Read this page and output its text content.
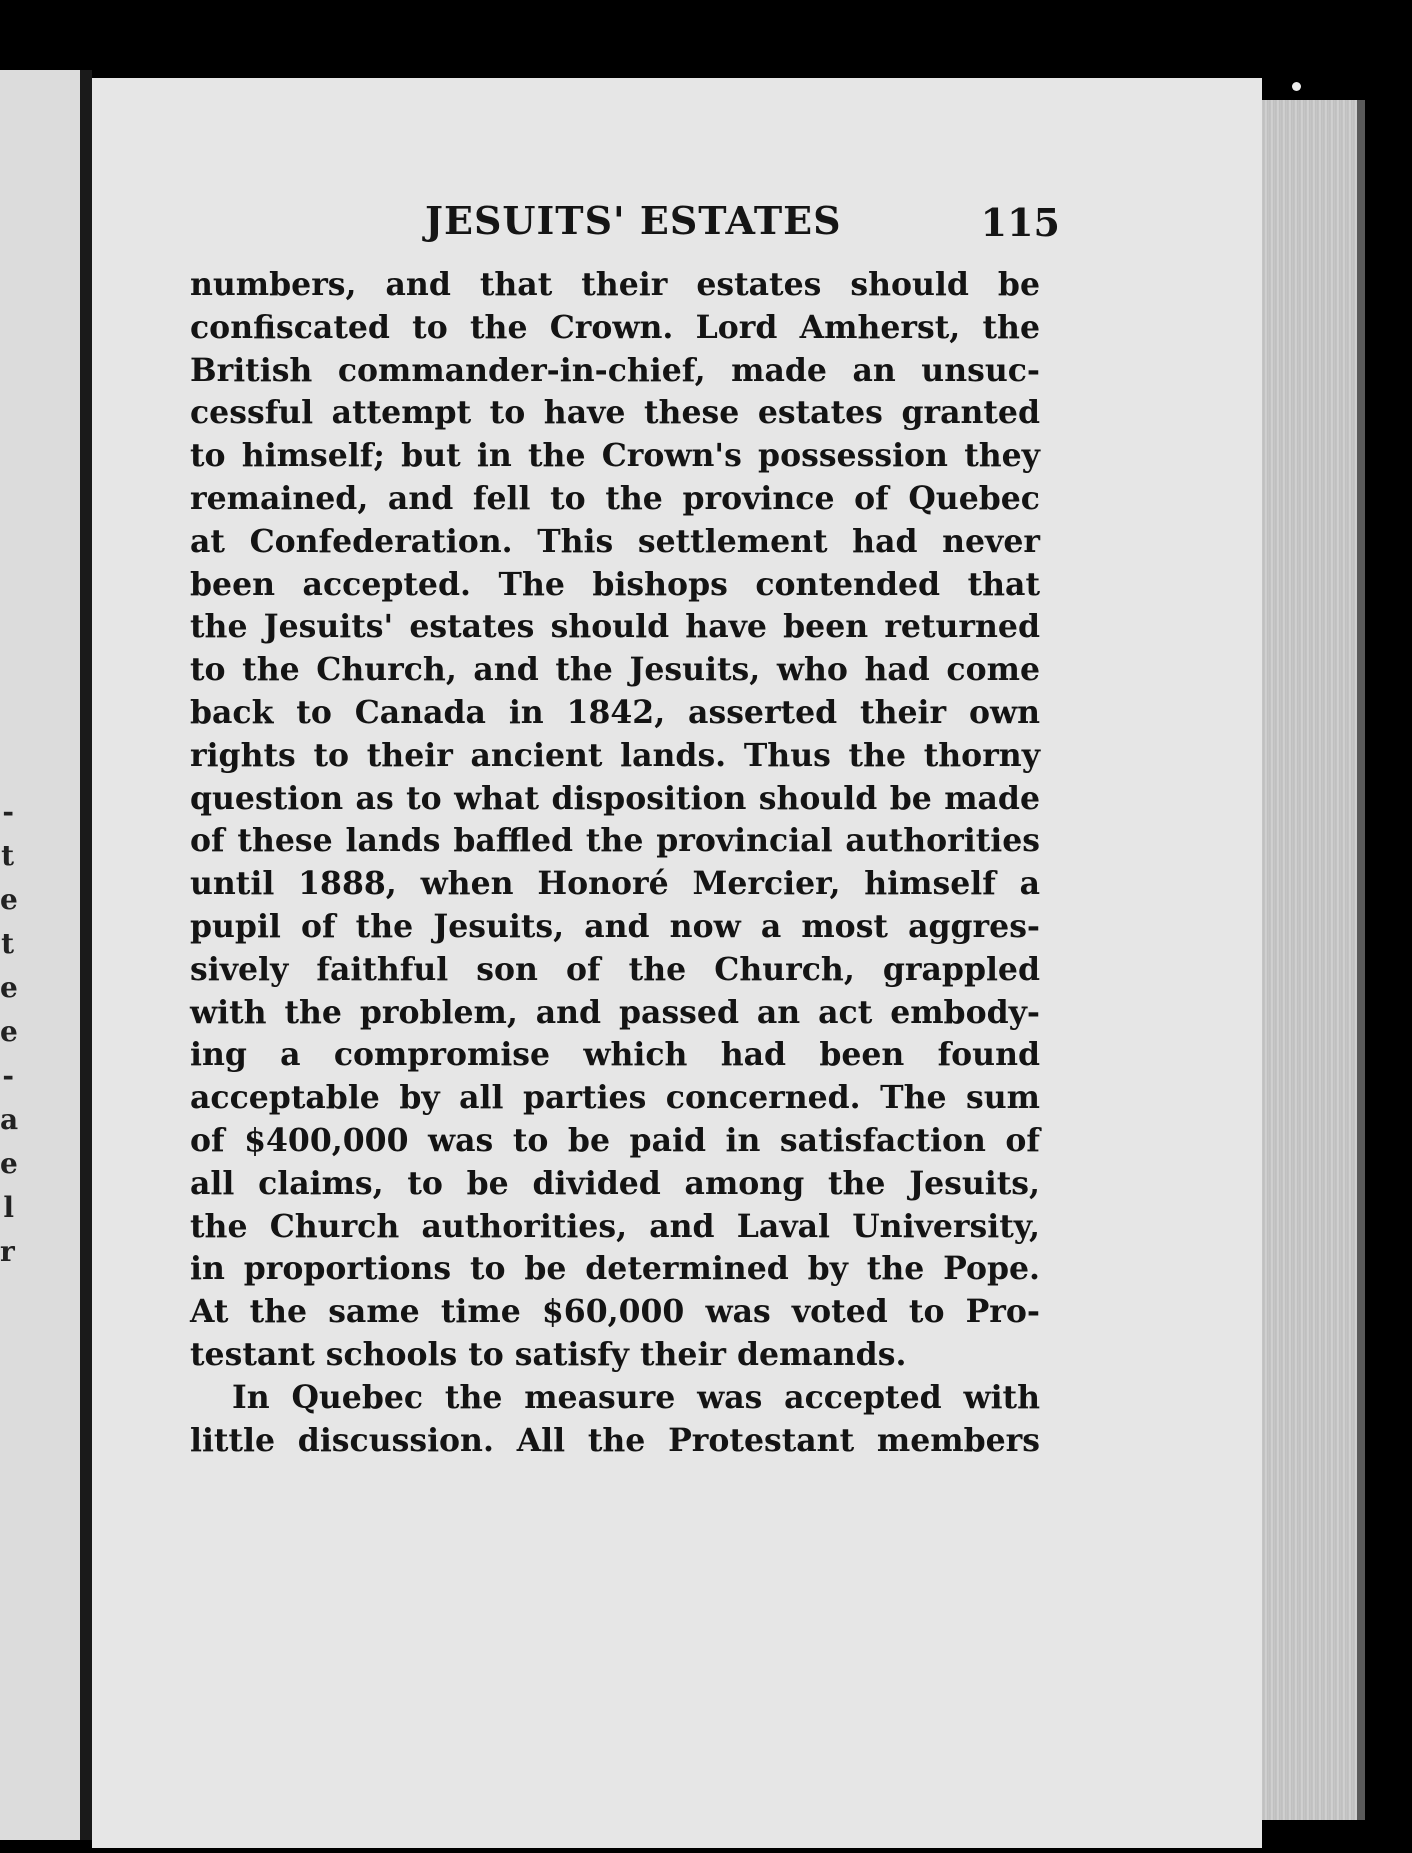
-
t
e
t
e
e
-
a
e
l
r
JESUITS' ESTATES	115
numbers, and that their estates should be
confiscated to the Crown. Lord Amherst, the
British commander-in-chief, made an unsuc-
cessful attempt to have these estates granted
to himself; but in the Crown's possession they
remained, and fell to the province of Quebec
at Confederation. This settlement had never
been accepted. The bishops contended that
the Jesuits' estates should have been returned
to the Church, and the Jesuits, who had come
back to Canada in 1842, asserted their own
rights to their ancient lands. Thus the thorny
question as to what disposition should be made
of these lands baffled the provincial authorities
until 1888, when Honoré Mercier, himself a
pupil of the Jesuits, and now a most aggres-
sively faithful son of the Church, grappled
with the problem, and passed an act embody-
ing a compromise which had been found
acceptable by all parties concerned. The sum
of $400,000 was to be paid in satisfaction of
all claims, to be divided among the Jesuits,
the Church authorities, and Laval University,
in proportions to be determined by the Pope.
At the same time $60,000 was voted to Pro-
testant schools to satisfy their demands.
In Quebec the measure was accepted with
little discussion. All the Protestant members
